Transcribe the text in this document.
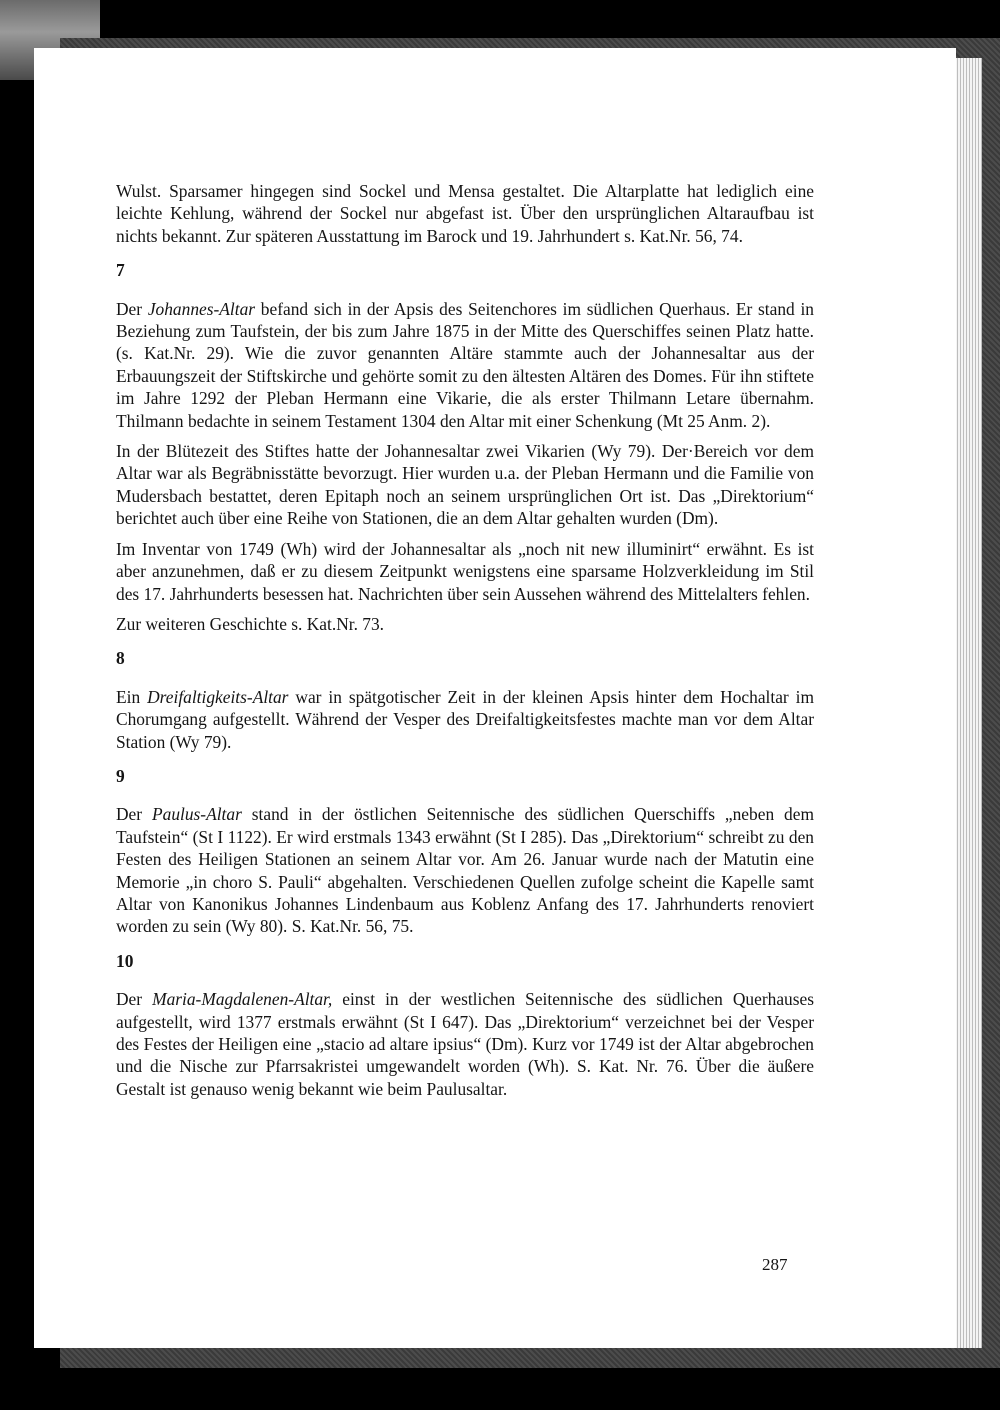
Wulst. Sparsamer hingegen sind Sockel und Mensa gestaltet. Die Altarplatte hat lediglich eine leichte Kehlung, während der Sockel nur abgefast ist. Über den ursprünglichen Altaraufbau ist nichts bekannt. Zur späteren Ausstattung im Barock und 19. Jahrhundert s. Kat.Nr. 56, 74.

7

Der Johannes-Altar befand sich in der Apsis des Seitenchores im südlichen Querhaus. Er stand in Beziehung zum Taufstein, der bis zum Jahre 1875 in der Mitte des Querschiffes seinen Platz hatte. (s. Kat.Nr. 29). Wie die zuvor genannten Altäre stammte auch der Johannesaltar aus der Erbauungszeit der Stiftskirche und gehörte somit zu den ältesten Altären des Domes. Für ihn stiftete im Jahre 1292 der Pleban Hermann eine Vikarie, die als erster Thilmann Letare übernahm. Thilmann bedachte in seinem Testament 1304 den Altar mit einer Schenkung (Mt 25 Anm. 2).

In der Blütezeit des Stiftes hatte der Johannesaltar zwei Vikarien (Wy 79). Der·Bereich vor dem Altar war als Begräbnisstätte bevorzugt. Hier wurden u.a. der Pleban Hermann und die Familie von Mudersbach bestattet, deren Epitaph noch an seinem ursprünglichen Ort ist. Das „Direktorium“ berichtet auch über eine Reihe von Stationen, die an dem Altar gehalten wurden (Dm).

Im Inventar von 1749 (Wh) wird der Johannesaltar als „noch nit new illuminirt“ erwähnt. Es ist aber anzunehmen, daß er zu diesem Zeitpunkt wenigstens eine sparsame Holzverkleidung im Stil des 17. Jahrhunderts besessen hat. Nachrichten über sein Aussehen während des Mittelalters fehlen.

Zur weiteren Geschichte s. Kat.Nr. 73.

8

Ein Dreifaltigkeits-Altar war in spätgotischer Zeit in der kleinen Apsis hinter dem Hochaltar im Chorumgang aufgestellt. Während der Vesper des Dreifaltigkeitsfestes machte man vor dem Altar Station (Wy 79).

9

Der Paulus-Altar stand in der östlichen Seitennische des südlichen Querschiffs „neben dem Taufstein“ (St I 1122). Er wird erstmals 1343 erwähnt (St I 285). Das „Direktorium“ schreibt zu den Festen des Heiligen Stationen an seinem Altar vor. Am 26. Januar wurde nach der Matutin eine Memorie „in choro S. Pauli“ abgehalten. Verschiedenen Quellen zufolge scheint die Kapelle samt Altar von Kanonikus Johannes Lindenbaum aus Koblenz Anfang des 17. Jahrhunderts renoviert worden zu sein (Wy 80). S. Kat.Nr. 56, 75.

10

Der Maria-Magdalenen-Altar, einst in der westlichen Seitennische des südlichen Querhauses aufgestellt, wird 1377 erstmals erwähnt (St I 647). Das „Direktorium“ verzeichnet bei der Vesper des Festes der Heiligen eine „stacio ad altare ipsius“ (Dm). Kurz vor 1749 ist der Altar abgebrochen und die Nische zur Pfarrsakristei umgewandelt worden (Wh). S. Kat. Nr. 76. Über die äußere Gestalt ist genauso wenig bekannt wie beim Paulusaltar.

287
